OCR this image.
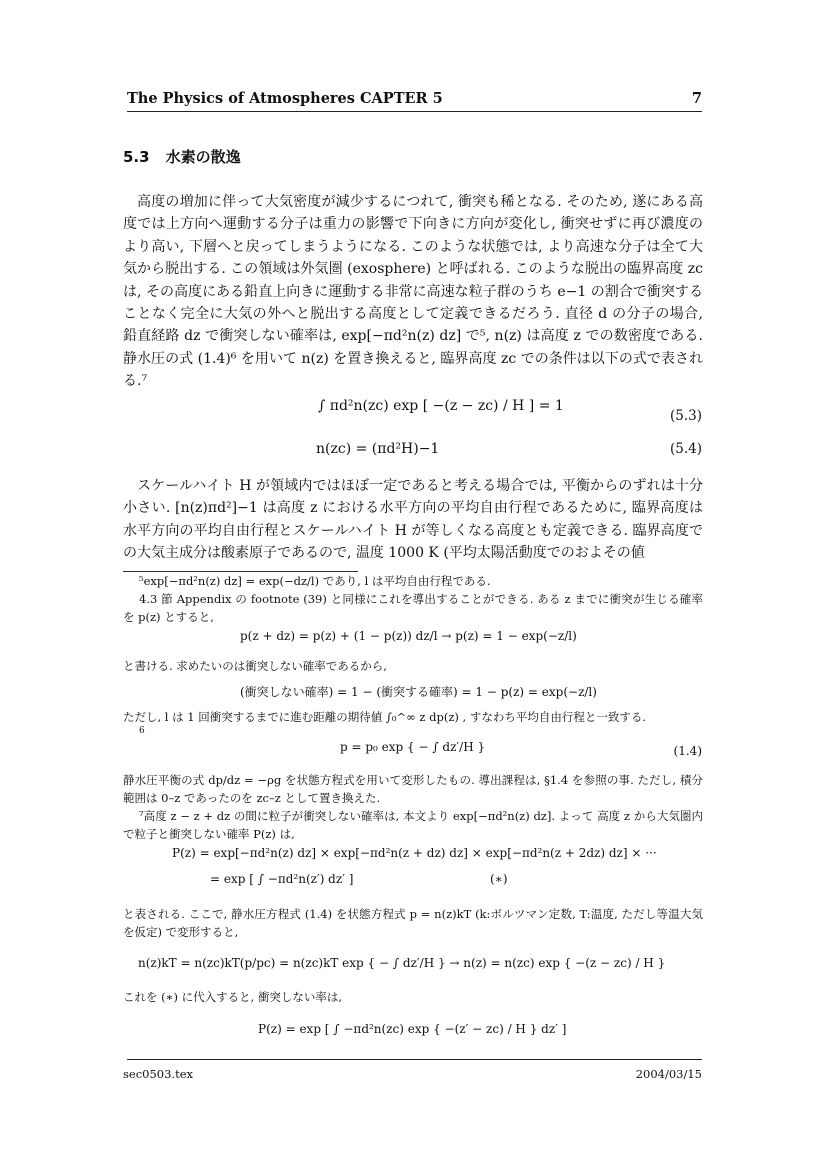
The Physics of Atmospheres CAPTER 5	7
5.3 水素の散逸

高度の増加に伴って大気密度が減少するにつれて, 衝突も稀となる. そのため, 遂にある高度では上方向へ運動する分子は重力の影響で下向きに方向が変化し, 衝突せずに再び濃度のより高い, 下層へと戻ってしまうようになる. このような状態では, より高速な分子は全て大気から脱出する. この領域は外気圏 (exosphere) と呼ばれる. このような脱出の臨界高度 zc は, その高度にある鉛直上向きに運動する非常に高速な粒子群のうち e−1 の割合で衝突することなく完全に大気の外へと脱出する高度として定義できるだろう. 直径 d の分子の場合, 鉛直経路 dz で衝突しない確率は, exp[−πd²n(z) dz] で⁵, n(z) は高度 z での数密度である. 静水圧の式 (1.4)⁶ を用いて n(z) を置き換えると, 臨界高度 zc での条件は以下の式で表される.⁷

∫ πd²n(zc) exp [ −(z − zc) / H ] = 1
(5.3)
n(zc) = (πd²H)−1	(5.4)

スケールハイト H が領域内ではほぼ一定であると考える場合では, 平衡からのずれは十分小さい. [n(z)πd²]−1 は高度 z における水平方向の平均自由行程であるために, 臨界高度は水平方向の平均自由行程とスケールハイト H が等しくなる高度とも定義できる. 臨界高度での大気主成分は酸素原子であるので, 温度 1000 K (平均太陽活動度でのおよその値

⁵exp[−πd²n(z) dz] = exp(−dz/l) であり, l は平均自由行程である.

4.3 節 Appendix の footnote (39) と同様にこれを導出することができる. ある z までに衝突が生じる確率を p(z) とすると,

p(z + dz) = p(z) + (1 − p(z)) dz/l → p(z) = 1 − exp(−z/l)

と書ける. 求めたいのは衝突しない確率であるから,

(衝突しない確率) = 1 − (衝突する確率) = 1 − p(z) = exp(−z/l)

ただし, l は 1 回衝突するまでに進む距離の期待値 ∫₀^∞ z dp(z) , すなわち平均自由行程と一致する.

6
p = p₀ exp { − ∫ dz′/H }	(1.4)

静水圧平衡の式 dp/dz = −ρg を状態方程式を用いて変形したもの. 導出課程は, §1.4 を参照の事. ただし, 積分範囲は 0–z であったのを zc–z として置き換えた.

⁷高度 z − z + dz の間に粒子が衝突しない確率は, 本文より exp[−πd²n(z) dz]. よって 高度 z から大気圏内で粒子と衝突しない確率 P(z) は,

P(z) = exp[−πd²n(z) dz] × exp[−πd²n(z + dz) dz] × exp[−πd²n(z + 2dz) dz] × ···
= exp [ ∫ −πd²n(z′) dz′ ]	(∗)

と表される. ここで, 静水圧方程式 (1.4) を状態方程式 p = n(z)kT (k:ボルツマン定数, T:温度, ただし等温大気を仮定) で変形すると,

n(z)kT = n(zc)kT(p/pc) = n(zc)kT exp { − ∫ dz′/H } → n(z) = n(zc) exp { −(z − zc) / H }

これを (∗) に代入すると, 衝突しない率は,

P(z) = exp [ ∫ −πd²n(zc) exp { −(z′ − zc) / H } dz′ ]
sec0503.tex	2004/03/15
